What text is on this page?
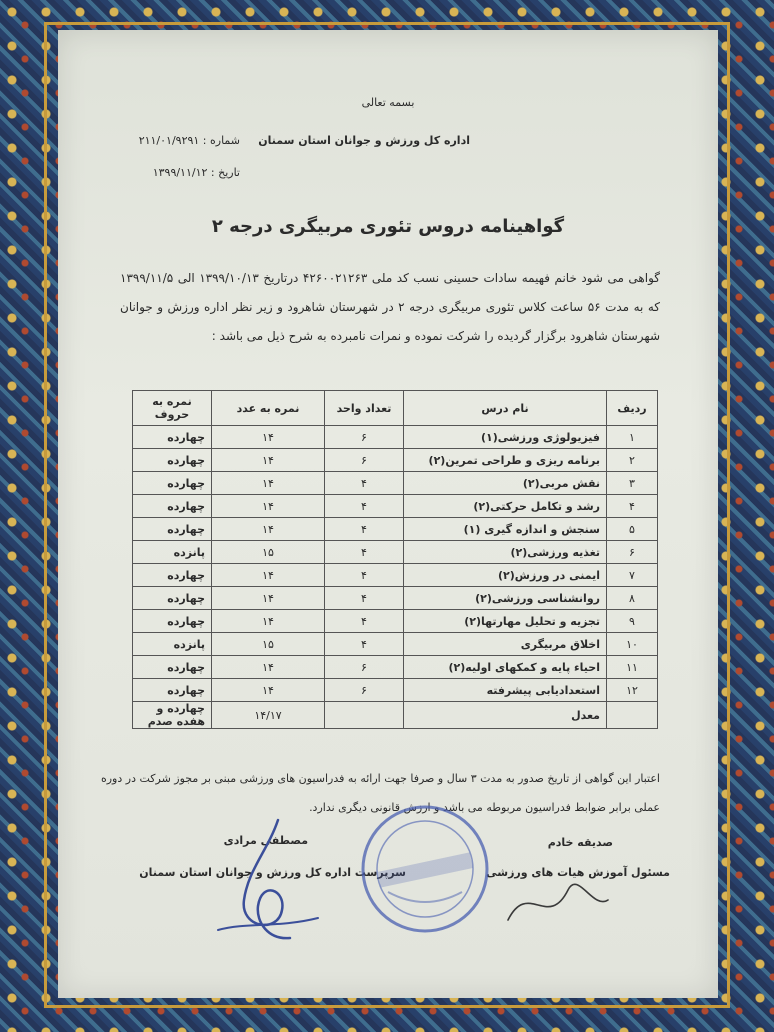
بسمه تعالی
اداره کل ورزش و جوانان استان سمنان
شماره : ۲۱۱/۰۱/۹۲۹۱
تاریخ : ۱۳۹۹/۱۱/۱۲
گواهینامه دروس تئوری مربیگری درجه ۲
گواهی می شود خانم فهیمه سادات حسینی نسب کد ملی ۴۲۶۰۰۲۱۲۶۳ درتاریخ ۱۳۹۹/۱۰/۱۳ الی ۱۳۹۹/۱۱/۵ که به مدت ۵۶ ساعت کلاس تئوری مربیگری درجه ۲ در شهرستان شاهرود و زیر نظر اداره ورزش و جوانان شهرستان شاهرود برگزار گردیده را شرکت نموده و نمرات نامبرده به شرح ذیل می باشد :
ردیف	نام درس	تعداد واحد	نمره به عدد	نمره به حروف
۱	فیزیولوژی ورزشی(۱)	۶	۱۴	چهارده
۲	برنامه ریزی و طراحی تمرین(۲)	۶	۱۴	چهارده
۳	نقش مربی(۲)	۴	۱۴	چهارده
۴	رشد و تکامل حرکتی(۲)	۴	۱۴	چهارده
۵	سنجش و اندازه گیری (۱)	۴	۱۴	چهارده
۶	تغذیه ورزشی(۲)	۴	۱۵	پانزده
۷	ایمنی در ورزش(۲)	۴	۱۴	چهارده
۸	روانشناسی ورزشی(۲)	۴	۱۴	چهارده
۹	تجزیه و تحلیل مهارتها(۲)	۴	۱۴	چهارده
۱۰	اخلاق مربیگری	۴	۱۵	پانزده
۱۱	احیاء پایه و کمکهای اولیه(۲)	۶	۱۴	چهارده
۱۲	استعدادیابی پیشرفته	۶	۱۴	چهارده
	معدل		۱۴/۱۷	چهارده و هفده صدم
اعتبار این گواهی از تاریخ صدور به مدت ۳ سال و صرفا جهت ارائه به فدراسیون های ورزشی مبنی بر مجوز شرکت در دوره عملی برابر ضوابط فدراسیون مربوطه می باشد و ارزش قانونی دیگری ندارد.
صدیقه خادم
مسئول آموزش هیات های ورزشی
مصطفی مرادی
سرپرست اداره کل ورزش و جوانان استان سمنان
